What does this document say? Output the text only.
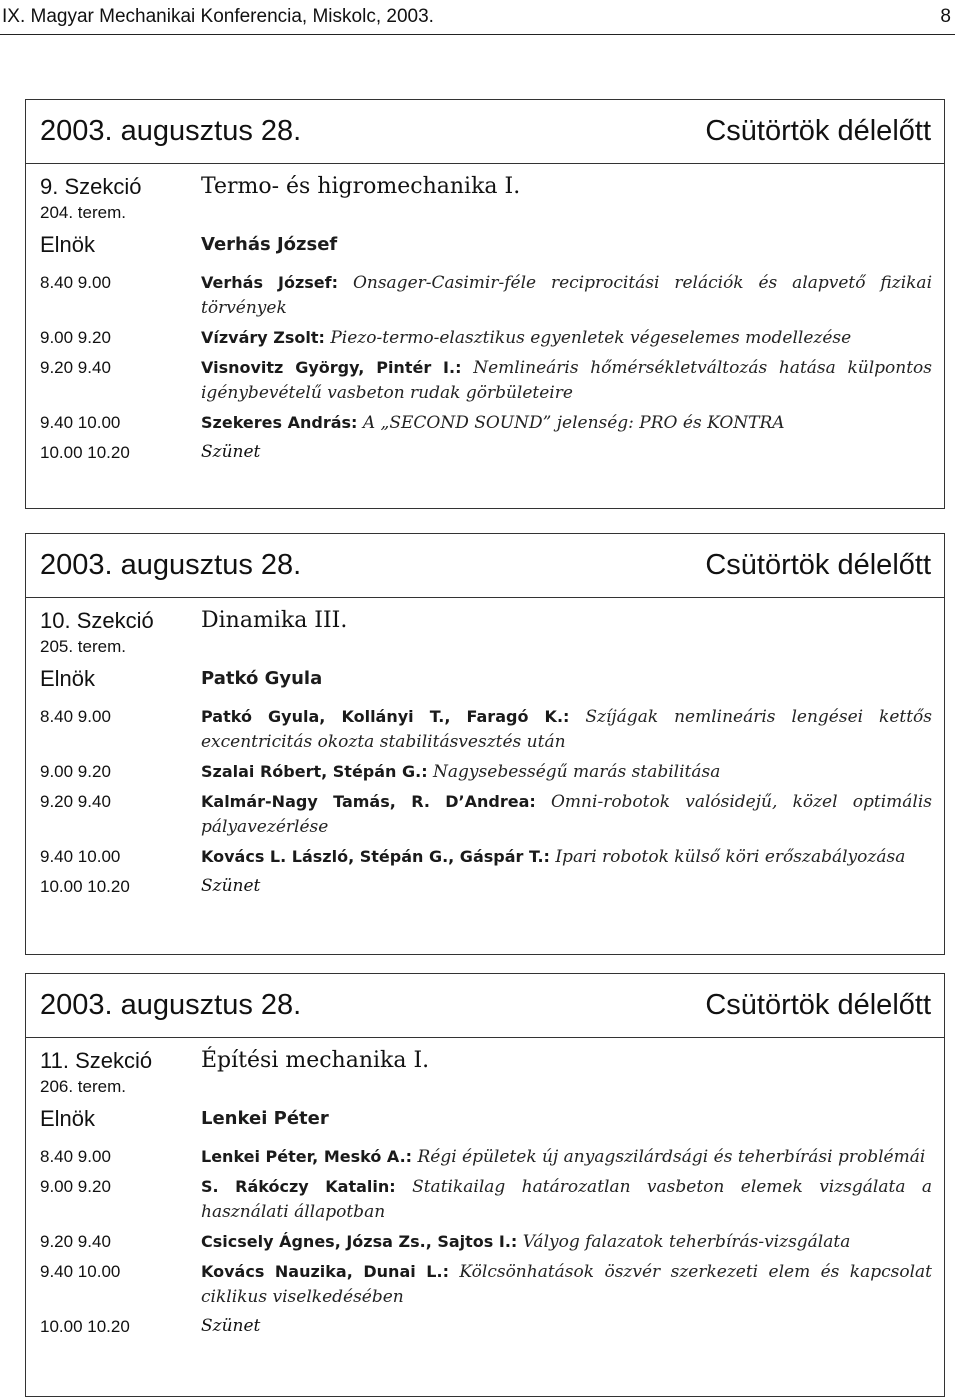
IX. Magyar Mechanikai Konferencia, Miskolc, 2003.	8
2003. augusztus 28.	Csütörtök délelőtt
9. Szekció	Termo- és higromechanika I.
204. terem.
Elnök	Verhás József
8.40 9.00	Verhás József: Onsager-Casimir-féle reciprocitási relációk és alapvető fizikai törvények
9.00 9.20	Vízváry Zsolt: Piezo-termo-elasztikus egyenletek végeselemes modellezése
9.20 9.40	Visnovitz György, Pintér I.: Nemlineáris hőmérsékletváltozás hatása külpontos igénybevételű vasbeton rudak görbületeire
9.40 10.00	Szekeres András: A „SECOND SOUND” jelenség: PRO és KONTRA
10.00 10.20	Szünet
2003. augusztus 28.	Csütörtök délelőtt
10. Szekció	Dinamika III.
205. terem.
Elnök	Patkó Gyula
8.40 9.00	Patkó Gyula, Kollányi T., Faragó K.: Szíjágak nemlineáris lengései kettős excentricitás okozta stabilitásvesztés után
9.00 9.20	Szalai Róbert, Stépán G.: Nagysebességű marás stabilitása
9.20 9.40	Kalmár-Nagy Tamás, R. D’Andrea: Omni-robotok valósidejű, közel optimális pályavezérlése
9.40 10.00	Kovács L. László, Stépán G., Gáspár T.: Ipari robotok külső köri erőszabályozása
10.00 10.20	Szünet
2003. augusztus 28.	Csütörtök délelőtt
11. Szekció	Építési mechanika I.
206. terem.
Elnök	Lenkei Péter
8.40 9.00	Lenkei Péter, Meskó A.: Régi épületek új anyagszilárdsági és teherbírási problémái
9.00 9.20	S. Rákóczy Katalin: Statikailag határozatlan vasbeton elemek vizsgálata a használati állapotban
9.20 9.40	Csicsely Ágnes, Józsa Zs., Sajtos I.: Vályog falazatok teherbírás-vizsgálata
9.40 10.00	Kovács Nauzika, Dunai L.: Kölcsönhatások öszvér szerkezeti elem és kapcsolat ciklikus viselkedésében
10.00 10.20	Szünet
